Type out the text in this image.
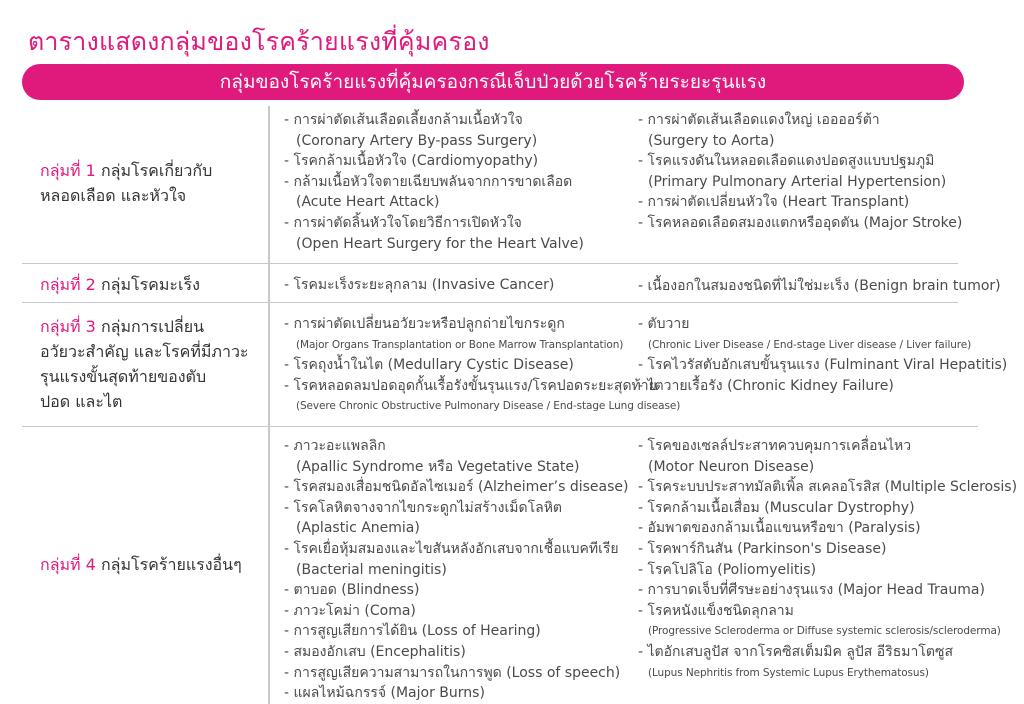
ตารางแสดงกลุ่มของโรคร้ายแรงที่คุ้มครอง
กลุ่มของโรคร้ายแรงที่คุ้มครองกรณีเจ็บป่วยด้วยโรคร้ายระยะรุนแรง
กลุ่มที่ 1 กลุ่มโรคเกี่ยวกับ
หลอดเลือด และหัวใจ
- การผ่าตัดเส้นเลือดเลี้ยงกล้ามเนื้อหัวใจ
(Coronary Artery By-pass Surgery)
- โรคกล้ามเนื้อหัวใจ (Cardiomyopathy)
- กล้ามเนื้อหัวใจตายเฉียบพลันจากการขาดเลือด
(Acute Heart Attack)
- การผ่าตัดลิ้นหัวใจโดยวิธีการเปิดหัวใจ
(Open Heart Surgery for the Heart Valve)
- การผ่าตัดเส้นเลือดแดงใหญ่ เออออร์ต้า
(Surgery to Aorta)
- โรคแรงดันในหลอดเลือดแดงปอดสูงแบบปฐมภูมิ
(Primary Pulmonary Arterial Hypertension)
- การผ่าตัดเปลี่ยนหัวใจ (Heart Transplant)
- โรคหลอดเลือดสมองแตกหรืออุดตัน (Major Stroke)
กลุ่มที่ 2 กลุ่มโรคมะเร็ง	- โรคมะเร็งระยะลุกลาม (Invasive Cancer)	- เนื้องอกในสมองชนิดที่ไม่ใช่มะเร็ง (Benign brain tumor)
กลุ่มที่ 3 กลุ่มการเปลี่ยน
อวัยวะสำคัญ และโรคที่มีภาวะ
รุนแรงขั้นสุดท้ายของตับ
ปอด และไต
- การผ่าตัดเปลี่ยนอวัยวะหรือปลูกถ่ายไขกระดูก
(Major Organs Transplantation or Bone Marrow Transplantation)
- โรคถุงน้ำในไต (Medullary Cystic Disease)
- โรคหลอดลมปอดอุดกั้นเรื้อรังขั้นรุนแรง/โรคปอดระยะสุดท้าย
(Severe Chronic Obstructive Pulmonary Disease / End-stage Lung disease)
- ตับวาย
(Chronic Liver Disease / End-stage Liver disease / Liver failure)
- โรคไวรัสตับอักเสบขั้นรุนแรง (Fulminant Viral Hepatitis)
- ไตวายเรื้อรัง (Chronic Kidney Failure)
กลุ่มที่ 4 กลุ่มโรคร้ายแรงอื่นๆ
- ภาวะอะแพลลิก
(Apallic Syndrome หรือ Vegetative State)
- โรคสมองเสื่อมชนิดอัลไซเมอร์ (Alzheimer’s disease)
- โรคโลหิตจางจากไขกระดูกไม่สร้างเม็ดโลหิต
(Aplastic Anemia)
- โรคเยื่อหุ้มสมองและไขสันหลังอักเสบจากเชื้อแบคทีเรีย
(Bacterial meningitis)
- ตาบอด (Blindness)
- ภาวะโคม่า (Coma)
- การสูญเสียการได้ยิน (Loss of Hearing)
- สมองอักเสบ (Encephalitis)
- การสูญเสียความสามารถในการพูด (Loss of speech)
- แผลไหม้ฉกรรจ์ (Major Burns)
- โรคของเซลล์ประสาทควบคุมการเคลื่อนไหว
(Motor Neuron Disease)
- โรคระบบประสาทมัลติเพิ้ล สเคลอโรสิส (Multiple Sclerosis)
- โรคกล้ามเนื้อเสื่อม (Muscular Dystrophy)
- อัมพาตของกล้ามเนื้อแขนหรือขา (Paralysis)
- โรคพาร์กินสัน (Parkinson's Disease)
- โรคโปลิโอ (Poliomyelitis)
- การบาดเจ็บที่ศีรษะอย่างรุนแรง (Major Head Trauma)
- โรคหนังแข็งชนิดลุกลาม
(Progressive Scleroderma or Diffuse systemic sclerosis/scleroderma)
- ไตอักเสบลูปัส จากโรคซิสเต็มมิค ลูปัส อีริธมาโตซูส
(Lupus Nephritis from Systemic Lupus Erythematosus)
